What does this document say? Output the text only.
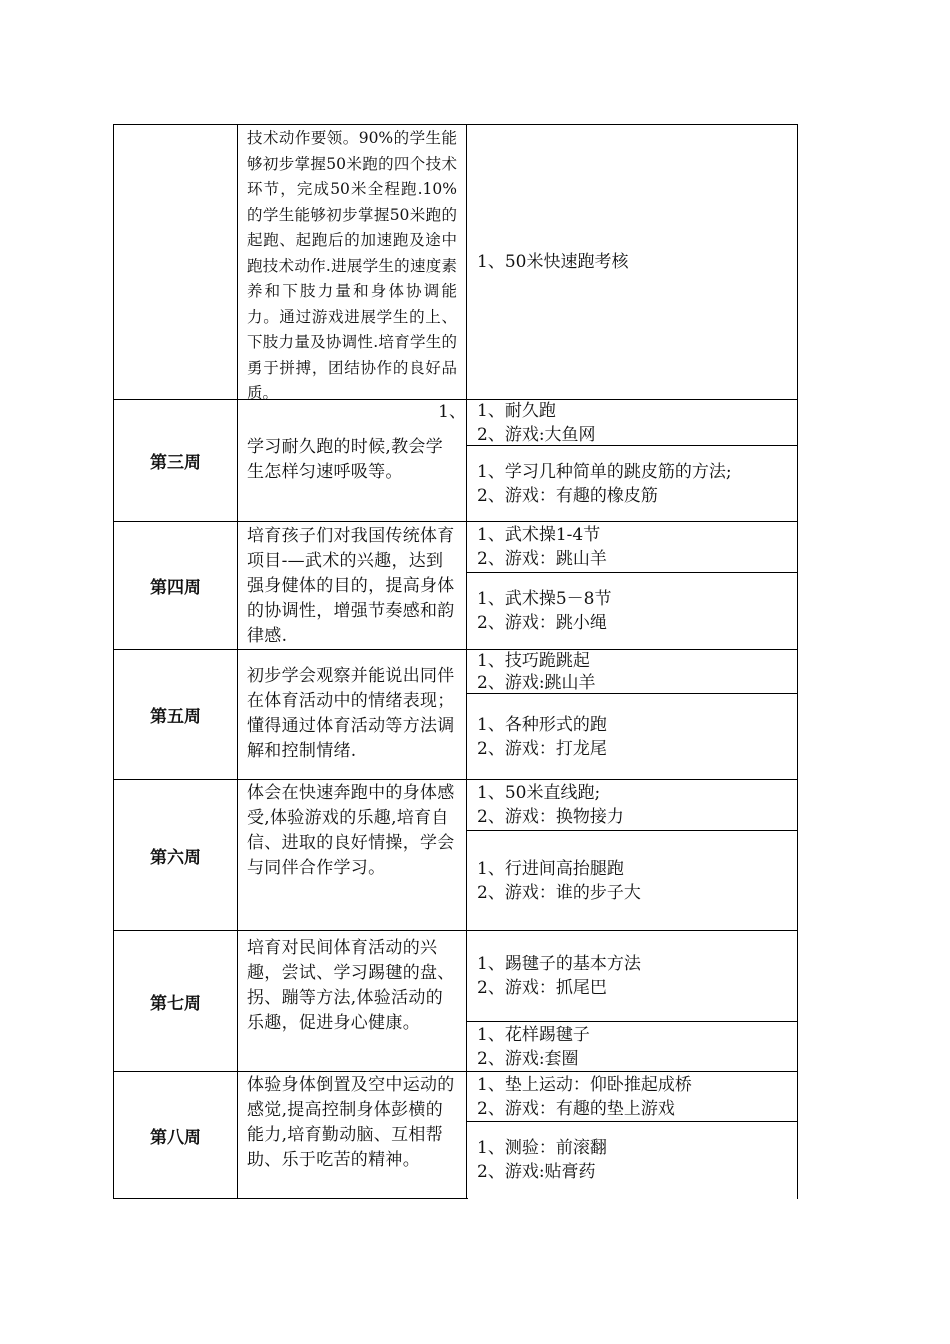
技术动作要领。90%的学生能够初步掌握50米跑的四个技术环节，完成50米全程跑.10%的学生能够初步掌握50米跑的起跑、起跑后的加速跑及途中跑技术动作.进展学生的速度素养和下肢力量和身体协调能力。通过游戏进展学生的上、下肢力量及协调性.培育学生的勇于拼搏，团结协作的良好品质。
1、50米快速跑考核
第三周
1、
学习耐久跑的时候,教会学生怎样匀速呼吸等。
1、耐久跑
2、游戏:大鱼网
1、学习几种简单的跳皮筋的方法;
2、游戏：有趣的橡皮筋
第四周
培育孩子们对我国传统体育项目-—武术的兴趣，达到强身健体的目的，提高身体的协调性，增强节奏感和韵律感.
1、武术操1-4节
2、游戏：跳山羊
1、武术操5－8节
2、游戏：跳小绳
第五周
初步学会观察并能说出同伴在体育活动中的情绪表现；懂得通过体育活动等方法调解和控制情绪.
1、技巧跪跳起
2、游戏:跳山羊
1、各种形式的跑
2、游戏：打龙尾
第六周
体会在快速奔跑中的身体感受,体验游戏的乐趣,培育自信、进取的良好情操，学会与同伴合作学习。
1、50米直线跑;
2、游戏：换物接力
1、行进间高抬腿跑
2、游戏：谁的步子大
第七周
培育对民间体育活动的兴趣，尝试、学习踢毽的盘、拐、蹦等方法,体验活动的乐趣，促进身心健康。
1、踢毽子的基本方法
2、游戏：抓尾巴
1、花样踢毽子
2、游戏:套圈
第八周
体验身体倒置及空中运动的感觉,提高控制身体彭横的能力,培育勤动脑、互相帮助、乐于吃苦的精神。
1、垫上运动：仰卧推起成桥
2、游戏：有趣的垫上游戏
1、测验：前滚翻
2、游戏:贴膏药
